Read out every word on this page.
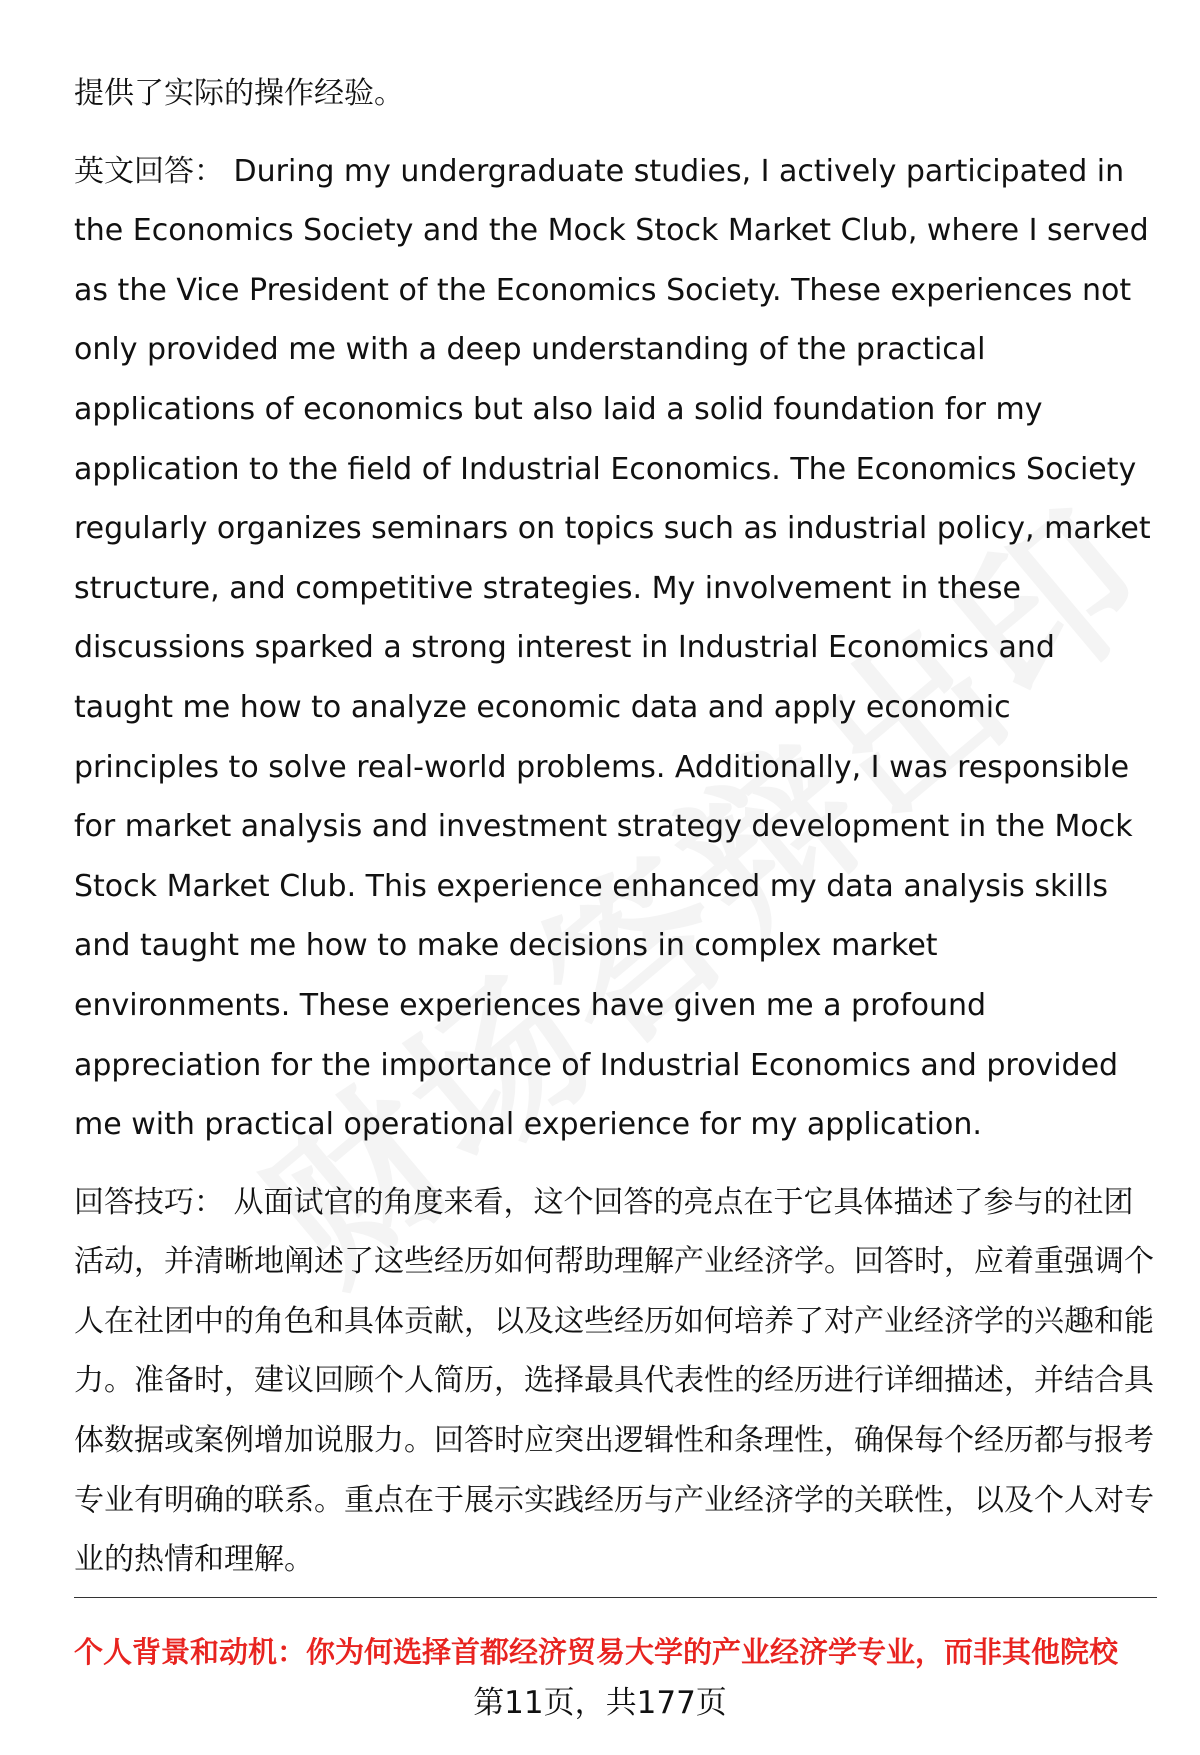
提供了实际的操作经验。

英文回答： During my undergraduate studies, I actively participated in the Economics Society and the Mock Stock Market Club, where I served as the Vice President of the Economics Society. These experiences not only provided me with a deep understanding of the practical applications of economics but also laid a solid foundation for my application to the field of Industrial Economics. The Economics Society regularly organizes seminars on topics such as industrial policy, market structure, and competitive strategies. My involvement in these discussions sparked a strong interest in Industrial Economics and taught me how to analyze economic data and apply economic principles to solve real-world problems. Additionally, I was responsible for market analysis and investment strategy development in the Mock Stock Market Club. This experience enhanced my data analysis skills and taught me how to make decisions in complex market environments. These experiences have given me a profound appreciation for the importance of Industrial Economics and provided me with practical operational experience for my application.

回答技巧： 从面试官的角度来看，这个回答的亮点在于它具体描述了参与的社团活动，并清晰地阐述了这些经历如何帮助理解产业经济学。回答时，应着重强调个人在社团中的角色和具体贡献，以及这些经历如何培养了对产业经济学的兴趣和能力。准备时，建议回顾个人简历，选择最具代表性的经历进行详细描述，并结合具体数据或案例增加说服力。回答时应突出逻辑性和条理性，确保每个经历都与报考专业有明确的联系。重点在于展示实践经历与产业经济学的关联性，以及个人对专业的热情和理解。

个人背景和动机：你为何选择首都经济贸易大学的产业经济学专业，而非其他院校
第11页，共177页
